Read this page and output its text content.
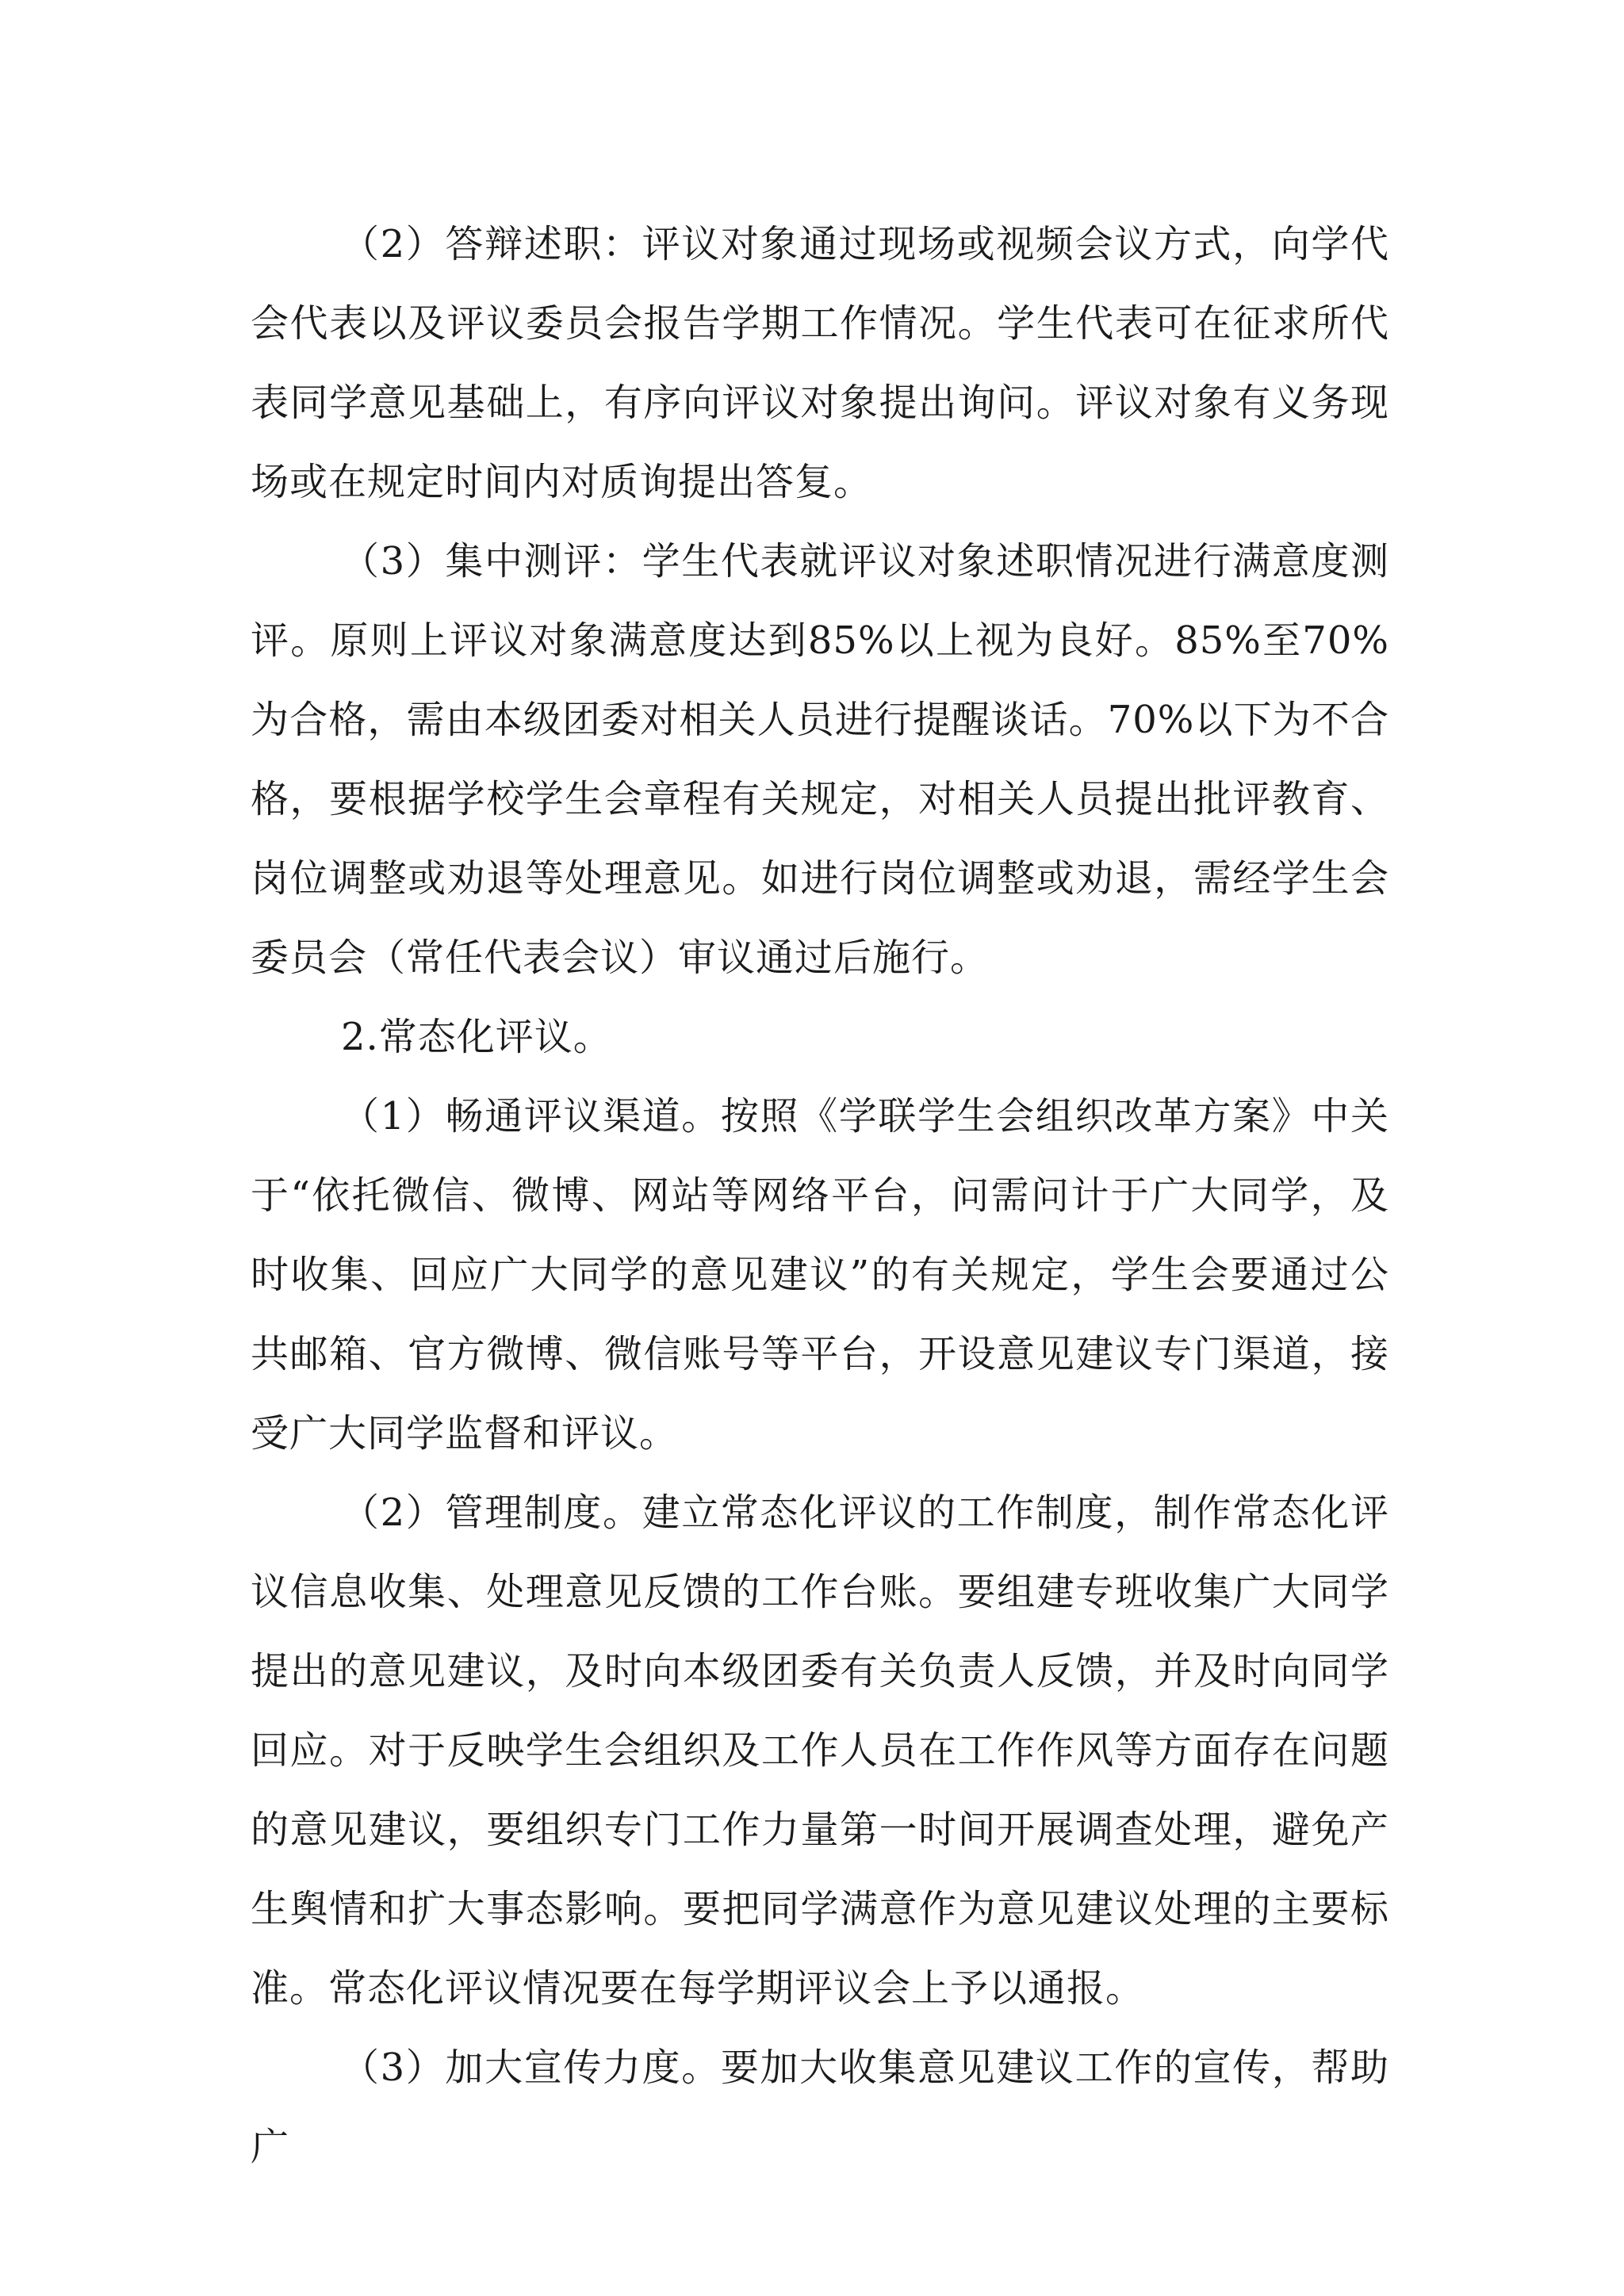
（2）答辩述职：评议对象通过现场或视频会议方式，向学代会代表以及评议委员会报告学期工作情况。学生代表可在征求所代表同学意见基础上，有序向评议对象提出询问。评议对象有义务现场或在规定时间内对质询提出答复。

（3）集中测评：学生代表就评议对象述职情况进行满意度测评。原则上评议对象满意度达到85%以上视为良好。85%至70%为合格，需由本级团委对相关人员进行提醒谈话。70%以下为不合格，要根据学校学生会章程有关规定，对相关人员提出批评教育、岗位调整或劝退等处理意见。如进行岗位调整或劝退，需经学生会委员会（常任代表会议）审议通过后施行。

2.常态化评议。

（1）畅通评议渠道。按照《学联学生会组织改革方案》中关于“依托微信、微博、网站等网络平台，问需问计于广大同学，及时收集、回应广大同学的意见建议”的有关规定，学生会要通过公共邮箱、官方微博、微信账号等平台，开设意见建议专门渠道，接受广大同学监督和评议。

（2）管理制度。建立常态化评议的工作制度，制作常态化评议信息收集、处理意见反馈的工作台账。要组建专班收集广大同学提出的意见建议，及时向本级团委有关负责人反馈，并及时向同学回应。对于反映学生会组织及工作人员在工作作风等方面存在问题的意见建议，要组织专门工作力量第一时间开展调查处理，避免产生舆情和扩大事态影响。要把同学满意作为意见建议处理的主要标准。常态化评议情况要在每学期评议会上予以通报。

（3）加大宣传力度。要加大收集意见建议工作的宣传，帮助广
